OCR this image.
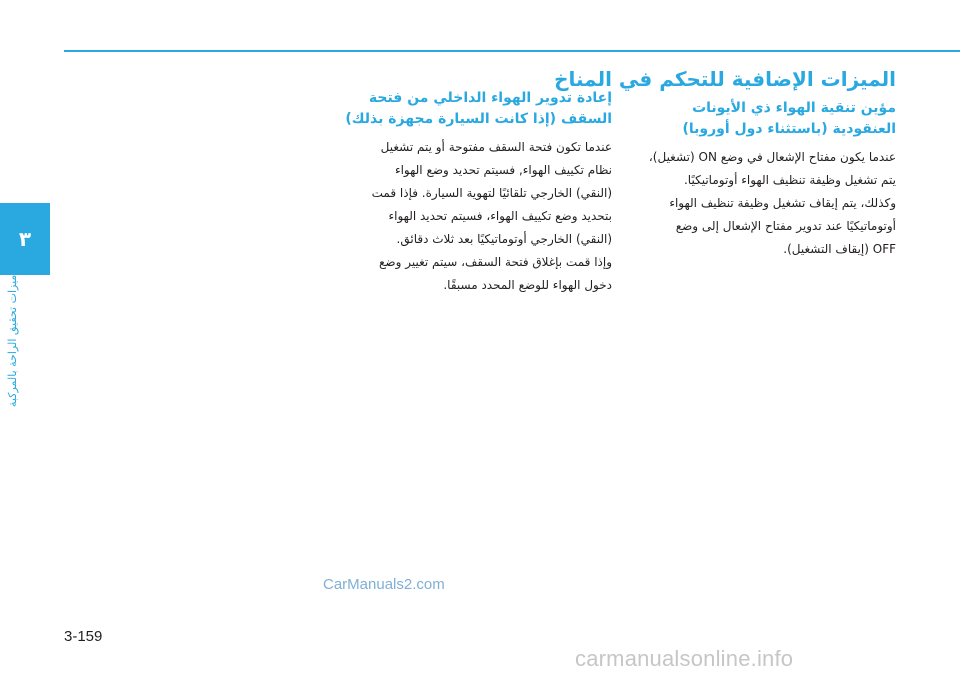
٣
ميزات تحقيق الراحة بالمركبة
الميزات الإضافية للتحكم في المناخ
مؤين تنقية الهواء ذي الأيونات
العنقودية (باستثناء دول أوروبا)

عندما يكون مفتاح الإشعال في وضع ON (تشغيل)،
يتم تشغيل وظيفة تنظيف الهواء أوتوماتيكيًا.
وكذلك، يتم إيقاف تشغيل وظيفة تنظيف الهواء
أوتوماتيكيًا عند تدوير مفتاح الإشعال إلى وضع
OFF (إيقاف التشغيل).

إعادة تدوير الهواء الداخلي من فتحة
السقف (إذا كانت السيارة مجهزة بذلك)

عندما تكون فتحة السقف مفتوحة أو يتم تشغيل
نظام تكييف الهواء, فسيتم تحديد وضع الهواء
(النقي) الخارجي تلقائيًا لتهوية السيارة. فإذا قمت
بتحديد وضع تكييف الهواء، فسيتم تحديد الهواء
(النقي) الخارجي أوتوماتيكيًا بعد ثلاث دقائق.
وإذا قمت بإغلاق فتحة السقف، سيتم تغيير وضع
دخول الهواء للوضع المحدد مسبقًا.

CarManuals2.com
3-159
carmanualsonline.info
